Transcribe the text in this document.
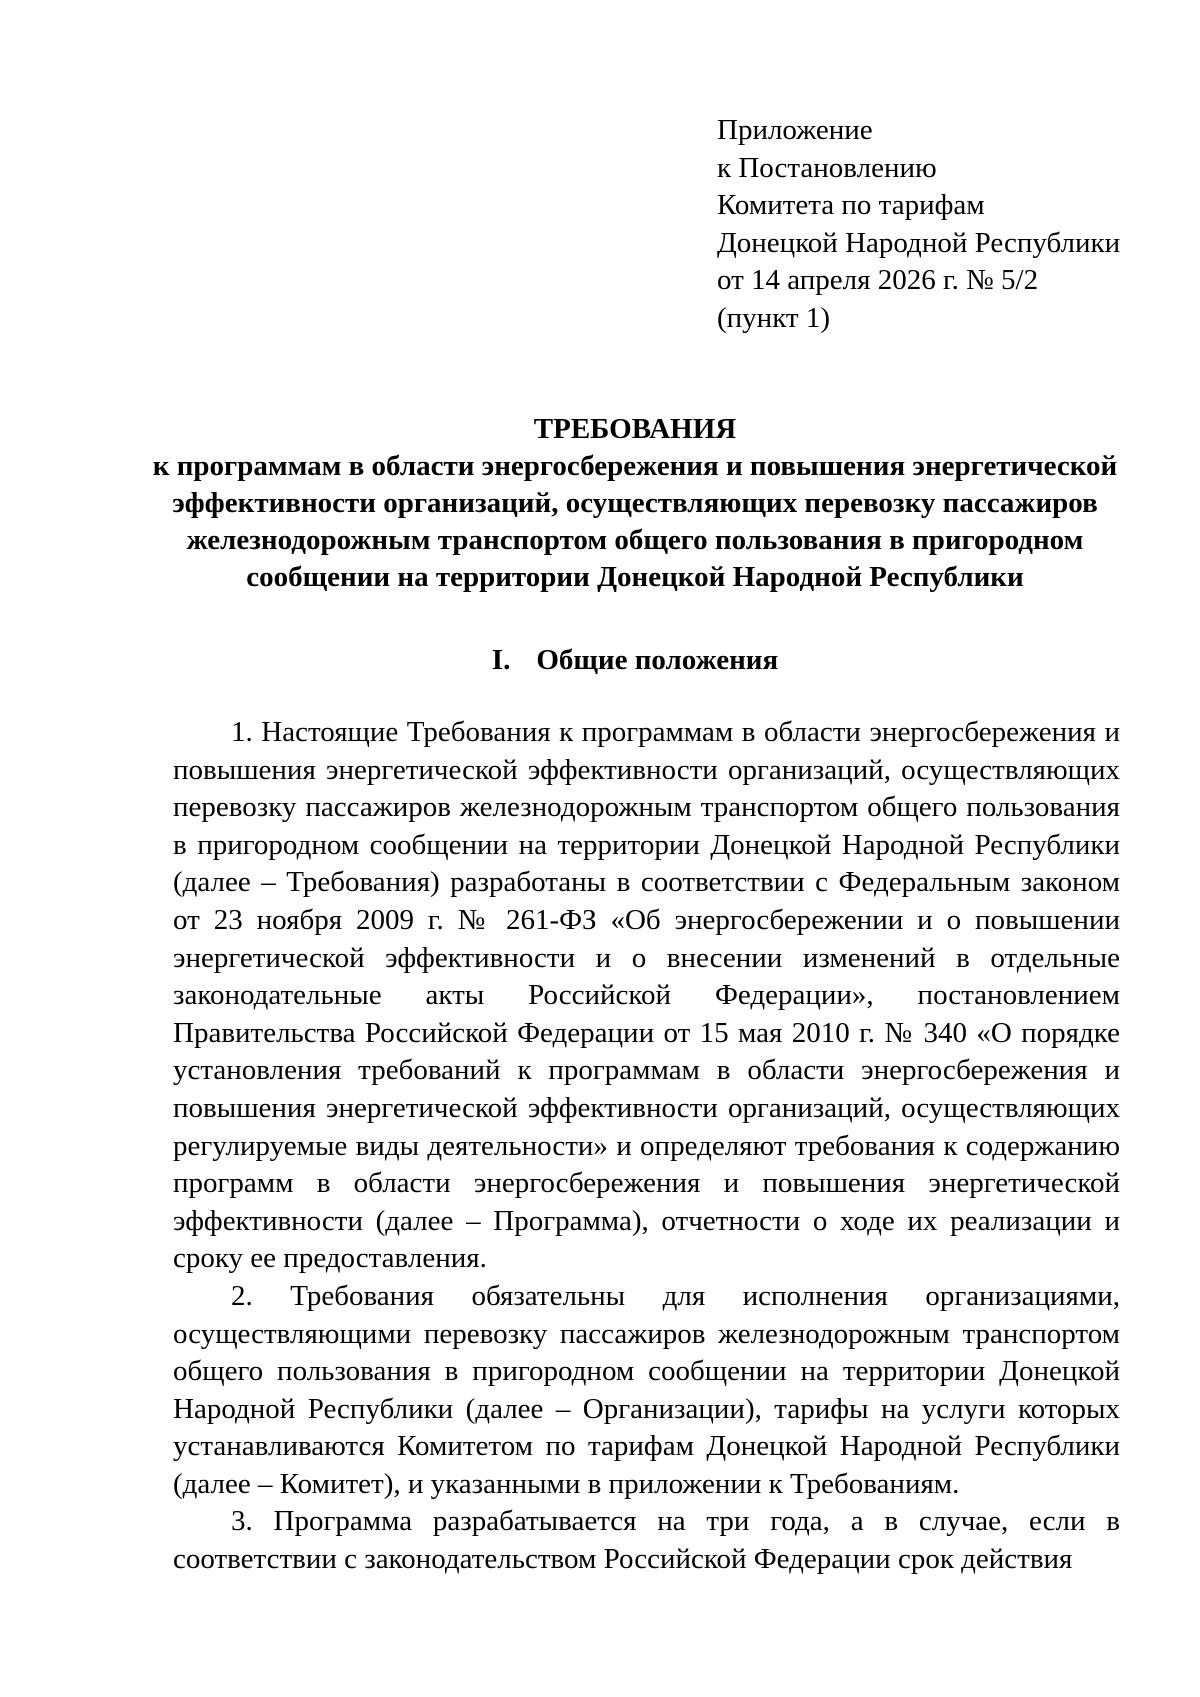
Приложение
к Постановлению
Комитета по тарифам
Донецкой Народной Республики
от 14 апреля 2026 г. № 5/2
(пункт 1)
ТРЕБОВАНИЯ
к программам в области энергосбережения и повышения энергетической
эффективности организаций, осуществляющих перевозку пассажиров
железнодорожным транспортом общего пользования в пригородном
сообщении на территории Донецкой Народной Республики
I. Общие положения

1. Настоящие Требования к программам в области энергосбережения и повышения энергетической эффективности организаций, осуществляющих перевозку пассажиров железнодорожным транспортом общего пользования в пригородном сообщении на территории Донецкой Народной Республики (далее – Требования) разработаны в соответствии с Федеральным законом от 23 ноября 2009 г. № 261-ФЗ «Об энергосбережении и о повышении энергетической эффективности и о внесении изменений в отдельные законодательные акты Российской Федерации», постановлением Правительства Российской Федерации от 15 мая 2010 г. № 340 «О порядке установления требований к программам в области энергосбережения и повышения энергетической эффективности организаций, осуществляющих регулируемые виды деятельности» и определяют требования к содержанию программ в области энергосбережения и повышения энергетической эффективности (далее – Программа), отчетности о ходе их реализации и сроку ее предоставления.

2. Требования обязательны для исполнения организациями, осуществляющими перевозку пассажиров железнодорожным транспортом общего пользования в пригородном сообщении на территории Донецкой Народной Республики (далее – Организации), тарифы на услуги которых устанавливаются Комитетом по тарифам Донецкой Народной Республики (далее – Комитет), и указанными в приложении к Требованиям.

3. Программа разрабатывается на три года, а в случае, если в соответствии с законодательством Российской Федерации срок действия
